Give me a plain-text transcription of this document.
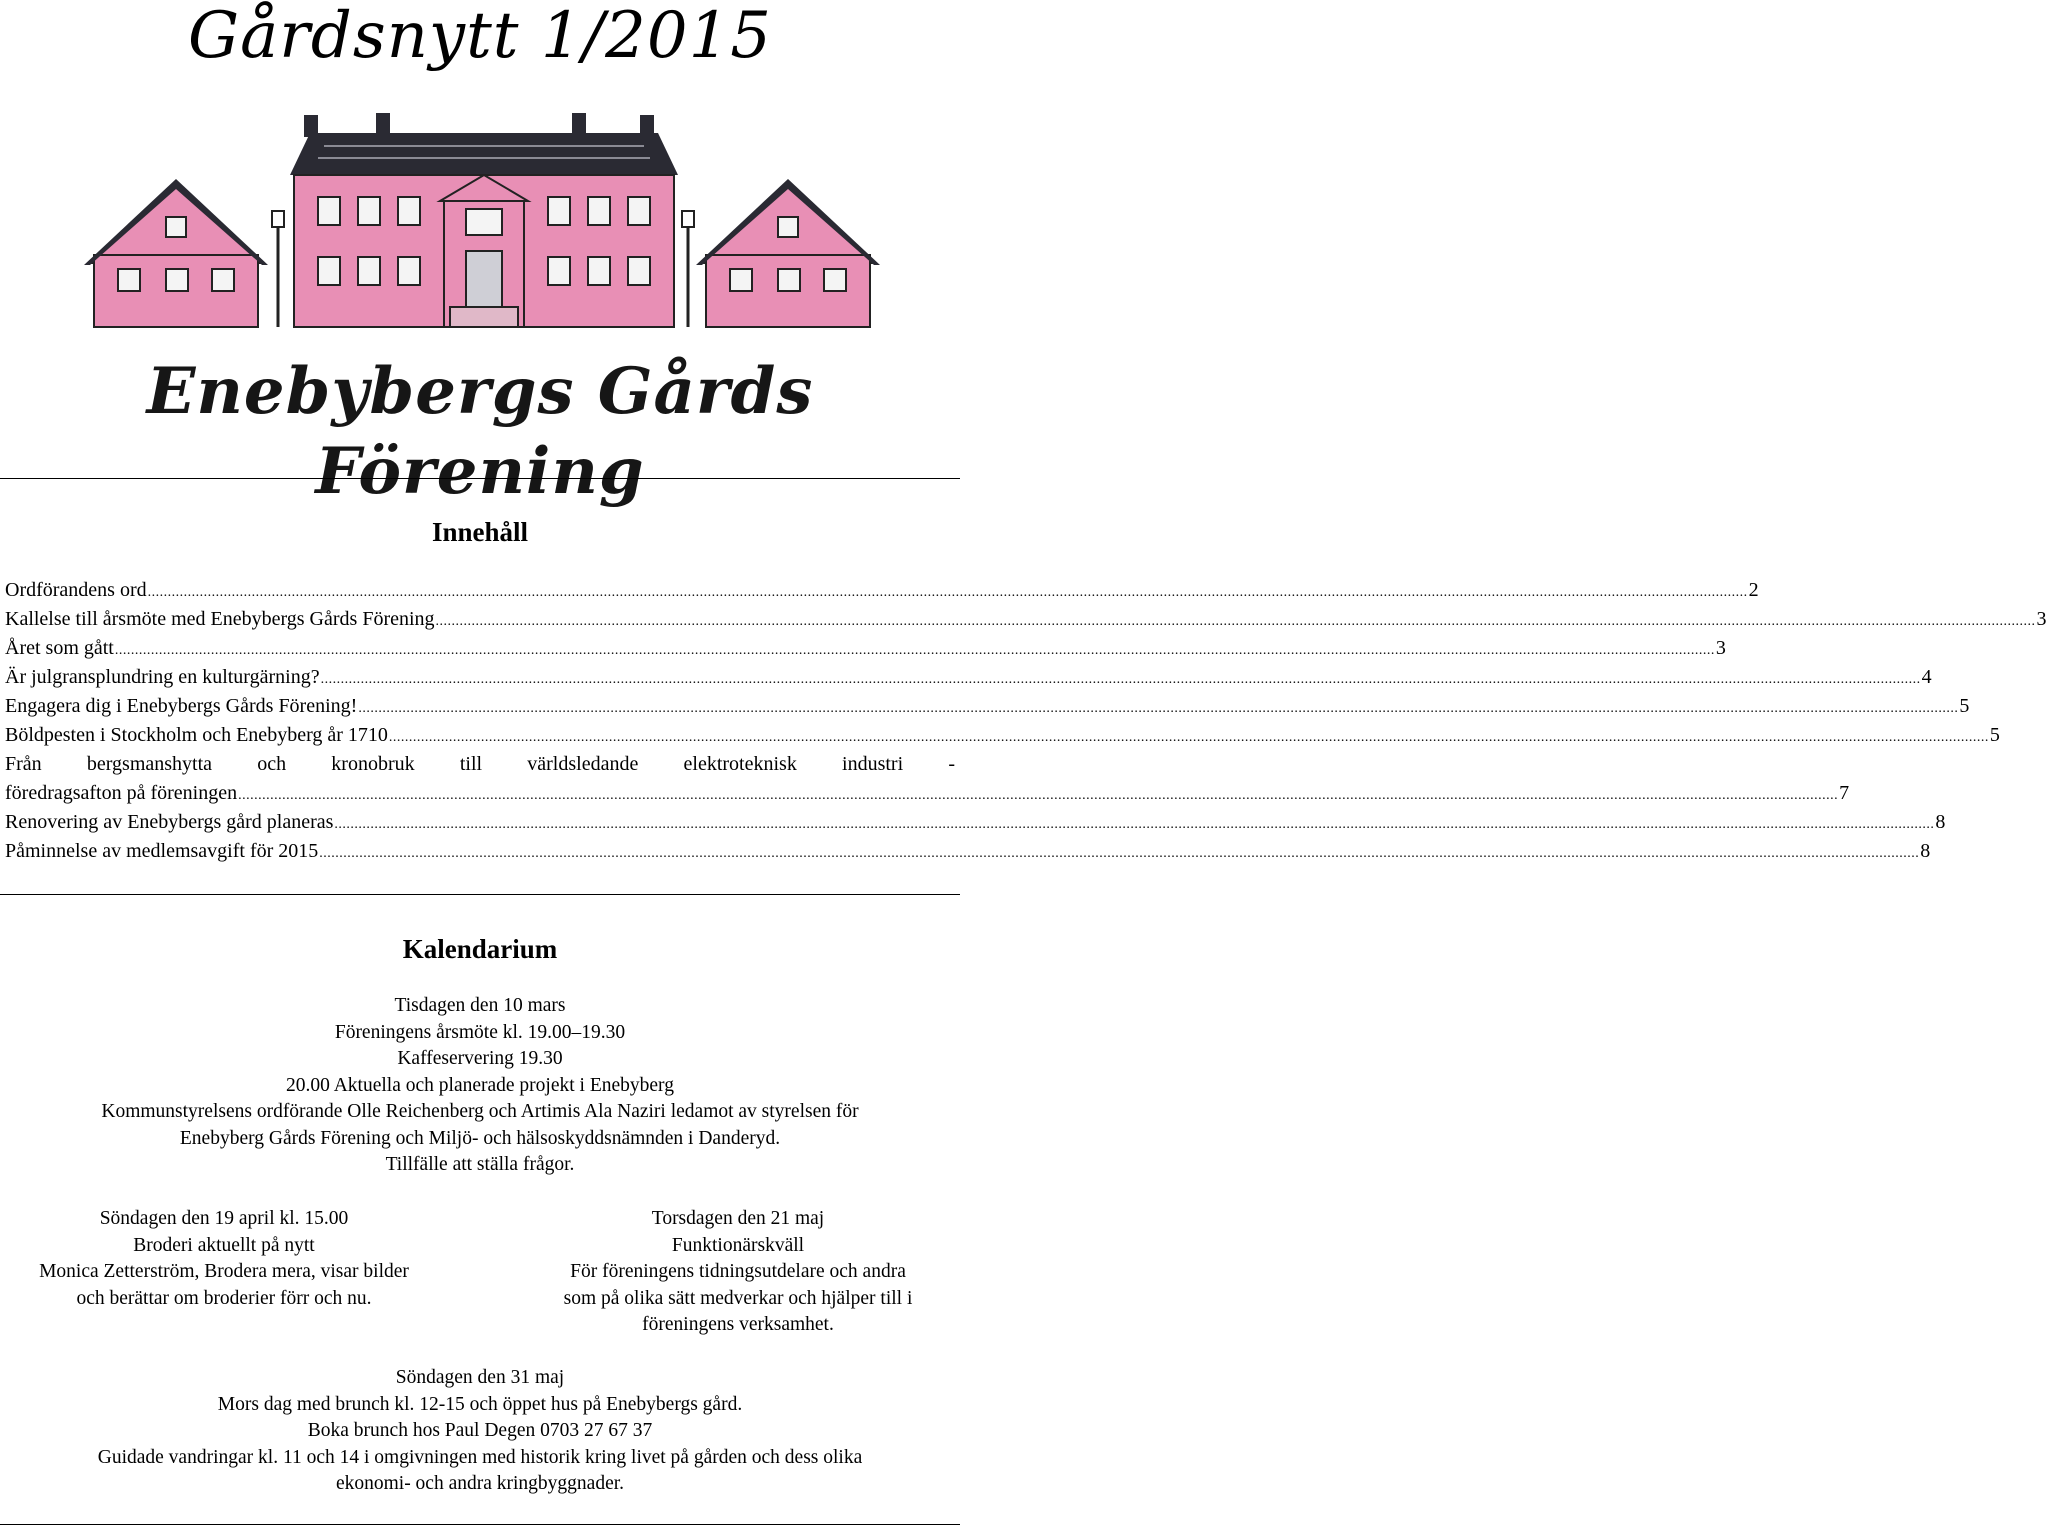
Gårdsnytt 1/2015
Enebybergs Gårds Förening
Innehåll
Ordförandens ord ................................................................................................................................................................................................................................................................................................................................................................................................................ 2
Kallelse till årsmöte med Enebybergs Gårds Förening ................................................................................................................................................................................................................................................................................................................................................................................................................ 3
Året som gått ................................................................................................................................................................................................................................................................................................................................................................................................................ 3
Är julgransplundring en kulturgärning? ................................................................................................................................................................................................................................................................................................................................................................................................................ 4
Engagera dig i Enebybergs Gårds Förening! ................................................................................................................................................................................................................................................................................................................................................................................................................ 5
Böldpesten i Stockholm och Enebyberg år 1710 ................................................................................................................................................................................................................................................................................................................................................................................................................ 5
Från bergsmanshytta och kronobruk till världsledande elektroteknisk industri -
föredragsafton på föreningen ................................................................................................................................................................................................................................................................................................................................................................................................................ 7
Renovering av Enebybergs gård planeras ................................................................................................................................................................................................................................................................................................................................................................................................................ 8
Påminnelse av medlemsavgift för 2015 ................................................................................................................................................................................................................................................................................................................................................................................................................ 8
Kalendarium
Tisdagen den 10 mars
Föreningens årsmöte kl. 19.00–19.30
Kaffeservering 19.30
20.00 Aktuella och planerade projekt i Enebyberg
Kommunstyrelsens ordförande Olle Reichenberg och Artimis Ala Naziri ledamot av styrelsen för
Enebyberg Gårds Förening och Miljö- och hälsoskyddsnämnden i Danderyd.
Tillfälle att ställa frågor.
Söndagen den 19 april kl. 15.00
Broderi aktuellt på nytt
Monica Zetterström, Brodera mera, visar bilder
och berättar om broderier förr och nu.
Torsdagen den 21 maj
Funktionärskväll
För föreningens tidningsutdelare och andra
som på olika sätt medverkar och hjälper till i
föreningens verksamhet.
Söndagen den 31 maj
Mors dag med brunch kl. 12-15 och öppet hus på Enebybergs gård.
Boka brunch hos Paul Degen 0703 27 67 37
Guidade vandringar kl. 11 och 14 i omgivningen med historik kring livet på gården och dess olika
ekonomi- och andra kringbyggnader.
